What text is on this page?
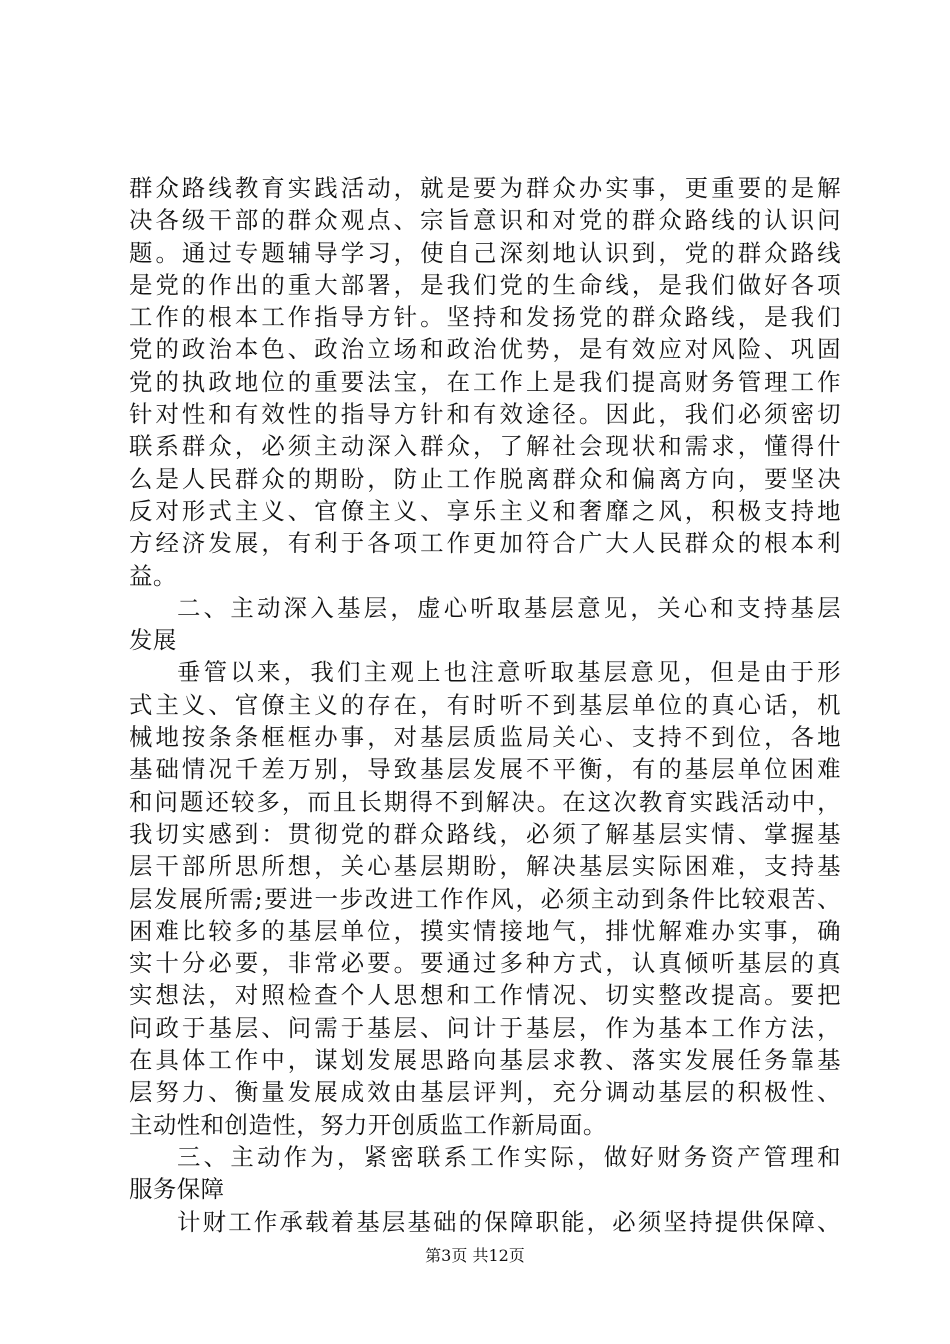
群众路线教育实践活动，就是要为群众办实事，更重要的是解
决各级干部的群众观点、宗旨意识和对党的群众路线的认识问
题。通过专题辅导学习，使自己深刻地认识到，党的群众路线
是党的作出的重大部署，是我们党的生命线，是我们做好各项
工作的根本工作指导方针。坚持和发扬党的群众路线，是我们
党的政治本色、政治立场和政治优势，是有效应对风险、巩固
党的执政地位的重要法宝，在工作上是我们提高财务管理工作
针对性和有效性的指导方针和有效途径。因此，我们必须密切
联系群众，必须主动深入群众，了解社会现状和需求，懂得什
么是人民群众的期盼，防止工作脱离群众和偏离方向，要坚决
反对形式主义、官僚主义、享乐主义和奢靡之风，积极支持地
方经济发展，有利于各项工作更加符合广大人民群众的根本利
益。
二、主动深入基层，虚心听取基层意见，关心和支持基层
发展
垂管以来，我们主观上也注意听取基层意见，但是由于形
式主义、官僚主义的存在，有时听不到基层单位的真心话，机
械地按条条框框办事，对基层质监局关心、支持不到位，各地
基础情况千差万别，导致基层发展不平衡，有的基层单位困难
和问题还较多，而且长期得不到解决。在这次教育实践活动中，
我切实感到：贯彻党的群众路线，必须了解基层实情、掌握基
层干部所思所想，关心基层期盼，解决基层实际困难，支持基
层发展所需;要进一步改进工作作风，必须主动到条件比较艰苦、
困难比较多的基层单位，摸实情接地气，排忧解难办实事，确
实十分必要，非常必要。要通过多种方式，认真倾听基层的真
实想法，对照检查个人思想和工作情况、切实整改提高。要把
问政于基层、问需于基层、问计于基层，作为基本工作方法，
在具体工作中，谋划发展思路向基层求教、落实发展任务靠基
层努力、衡量发展成效由基层评判，充分调动基层的积极性、
主动性和创造性，努力开创质监工作新局面。
三、主动作为，紧密联系工作实际，做好财务资产管理和
服务保障
计财工作承载着基层基础的保障职能，必须坚持提供保障、
第3页 共12页
